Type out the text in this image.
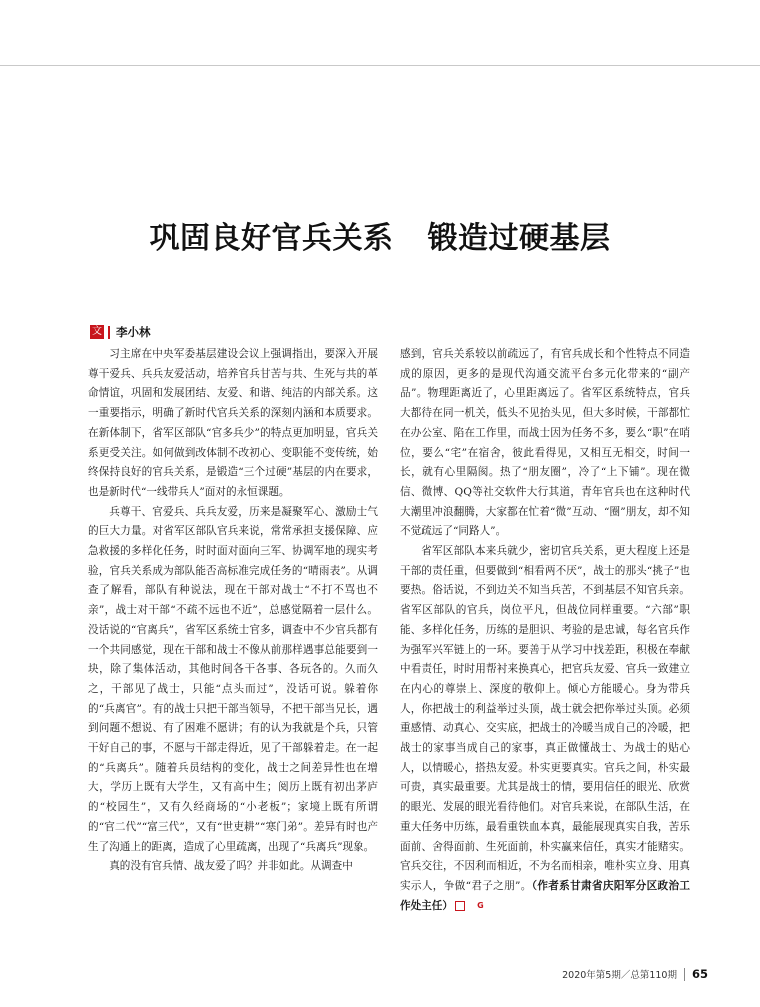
巩固良好官兵关系 锻造过硬基层
文 李小林

习主席在中央军委基层建设会议上强调指出，要深入开展尊干爱兵、兵兵友爱活动，培养官兵甘苦与共、生死与共的革命情谊，巩固和发展团结、友爱、和谐、纯洁的内部关系。这一重要指示，明确了新时代官兵关系的深刻内涵和本质要求。在新体制下，省军区部队“官多兵少”的特点更加明显，官兵关系更受关注。如何做到改体制不改初心、变职能不变传统，始终保持良好的官兵关系，是锻造“三个过硬”基层的内在要求，也是新时代“一线带兵人”面对的永恒课题。

兵尊干、官爱兵、兵兵友爱，历来是凝聚军心、激励士气的巨大力量。对省军区部队官兵来说，常常承担支援保障、应急救援的多样化任务，时时面对面向三军、协调军地的现实考验，官兵关系成为部队能否高标准完成任务的“晴雨表”。从调查了解看，部队有种说法，现在干部对战士“不打不骂也不亲”，战士对干部“不疏不远也不近”，总感觉隔着一层什么。没话说的“官离兵”，省军区系统士官多，调查中不少官兵都有一个共同感觉，现在干部和战士不像从前那样遇事总能要到一块，除了集体活动，其他时间各干各事、各玩各的。久而久之，干部见了战士，只能“点头而过”，没话可说。躲着你的“兵离官”。有的战士只把干部当领导，不把干部当兄长，遇到问题不想说、有了困难不愿讲；有的认为我就是个兵，只管干好自己的事，不愿与干部走得近，见了干部躲着走。在一起的“兵离兵”。随着兵员结构的变化，战士之间差异性也在增大，学历上既有大学生，又有高中生；阅历上既有初出茅庐的“校园生”，又有久经商场的“小老板”；家境上既有所谓的“官二代”“富三代”，又有“世吏耕”“寒门弟”。差异有时也产生了沟通上的距离，造成了心里疏离，出现了“兵离兵”现象。

真的没有官兵情、战友爱了吗？并非如此。从调查中

感到，官兵关系较以前疏远了，有官兵成长和个性特点不同造成的原因，更多的是现代沟通交流平台多元化带来的“副产品”。物理距离近了，心里距离远了。省军区系统特点，官兵大都待在同一机关，低头不见抬头见，但大多时候，干部都忙在办公室、陷在工作里，而战士因为任务不多，要么“职”在哨位，要么“宅”在宿舍，彼此看得见，又相互无相交，时间一长，就有心里隔阂。热了“朋友圈”，冷了“上下铺”。现在微信、微博、QQ等社交软件大行其道，青年官兵也在这种时代大潮里冲浪翻腾，大家都在忙着“微”互动、“圈”朋友，却不知不觉疏远了“同路人”。

省军区部队本来兵就少，密切官兵关系，更大程度上还是干部的责任重，但要做到“相看两不厌”，战士的那头“挑子”也要热。俗话说，不到边关不知当兵苦，不到基层不知官兵亲。省军区部队的官兵，岗位平凡，但战位同样重要。“六部”职能、多样化任务，历练的是胆识、考验的是忠诚，每名官兵作为强军兴军链上的一环。要善于从学习中找差距，积极在奉献中看责任，时时用帮衬来换真心，把官兵友爱、官兵一致建立在内心的尊崇上、深度的敬仰上。倾心方能暖心。身为带兵人，你把战士的利益举过头顶，战士就会把你举过头顶。必须重感情、动真心、交实底，把战士的冷暖当成自己的冷暖，把战士的家事当成自己的家事，真正做懂战士、为战士的贴心人，以情暖心，搭热友爱。朴实更要真实。官兵之间，朴实最可贵，真实最重要。尤其是战士的情，要用信任的眼光、欣赏的眼光、发展的眼光看待他们。对官兵来说，在部队生活，在重大任务中历练，最看重铁血本真，最能展现真实自我，苦乐面前、舍得面前、生死面前，朴实赢来信任，真实才能赌实。官兵交往，不因利而相近，不为名而相亲，唯朴实立身、用真实示人，争做“君子之朋”。（作者系甘肃省庆阳军分区政治工作处主任）	G

2020年第5期／总第110期 65
